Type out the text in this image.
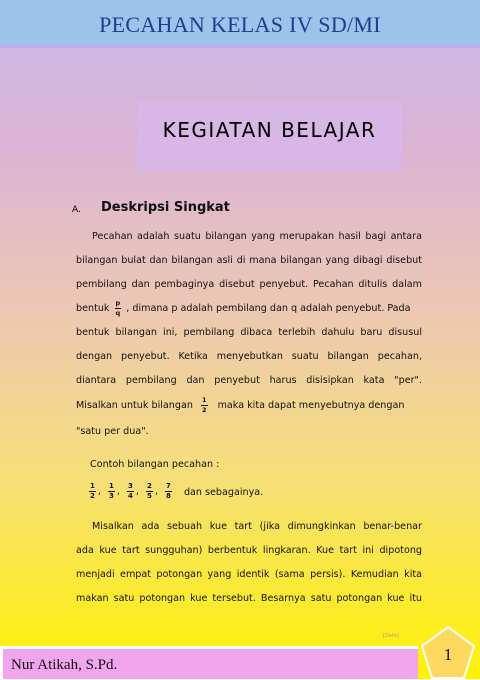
PECAHAN KELAS IV SD/MI
KEGIATAN BELAJAR
A. Deskripsi Singkat
Pecahan adalah suatu bilangan yang merupakan hasil bagi antara
bilangan bulat dan bilangan asli di mana bilangan yang dibagi disebut
pembilang dan pembaginya disebut penyebut. Pecahan ditulis dalam
bentuk $\frac{p}{q}$ , dimana p adalah pembilang dan q adalah penyebut. Pada
bentuk bilangan ini, pembilang dibaca terlebih dahulu baru disusul
dengan penyebut. Ketika menyebutkan suatu bilangan pecahan,
diantara pembilang dan penyebut harus disisipkan kata "per".
Misalkan untuk bilangan $\frac{1}{2}$ maka kita dapat menyebutnya dengan
"satu per dua".
Contoh bilangan pecahan :
$\frac{1}{2}$ , $\frac{1}{3}$ , $\frac{3}{4}$ , $\frac{2}{5}$ , $\frac{7}{8}$ dan sebagainya.
Misalkan ada sebuah kue tart (jika dimungkinkan benar-benar
ada kue tart sungguhan) berbentuk lingkaran. Kue tart ini dipotong
menjadi empat potongan yang identik (sama persis). Kemudian kita
makan satu potongan kue tersebut. Besarnya satu potongan kue itu
[Date]
Nur Atikah, S.Pd.
1
